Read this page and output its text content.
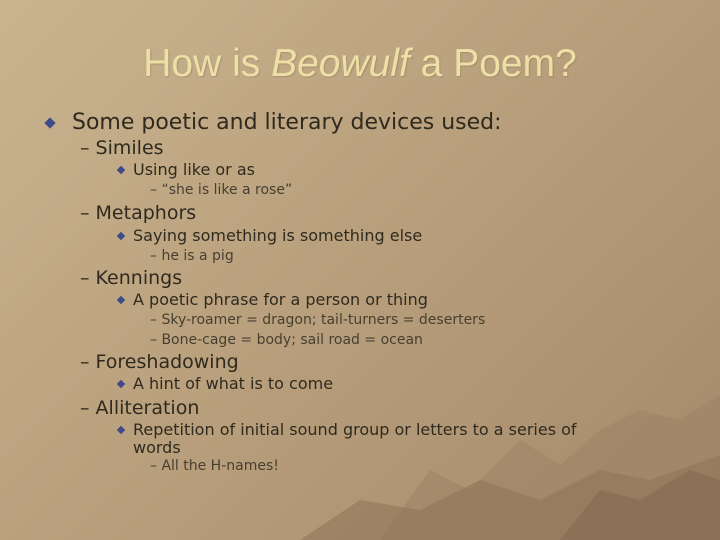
How is Beowulf a Poem?
Some poetic and literary devices used:
– Similes
Using like or as
– “she is like a rose”
– Metaphors
Saying something is something else
– he is a pig
– Kennings
A poetic phrase for a person or thing
– Sky-roamer = dragon; tail-turners = deserters
– Bone-cage = body; sail road = ocean
– Foreshadowing
A hint of what is to come
– Alliteration
Repetition of initial sound group or letters to a series of
words
– All the H-names!
